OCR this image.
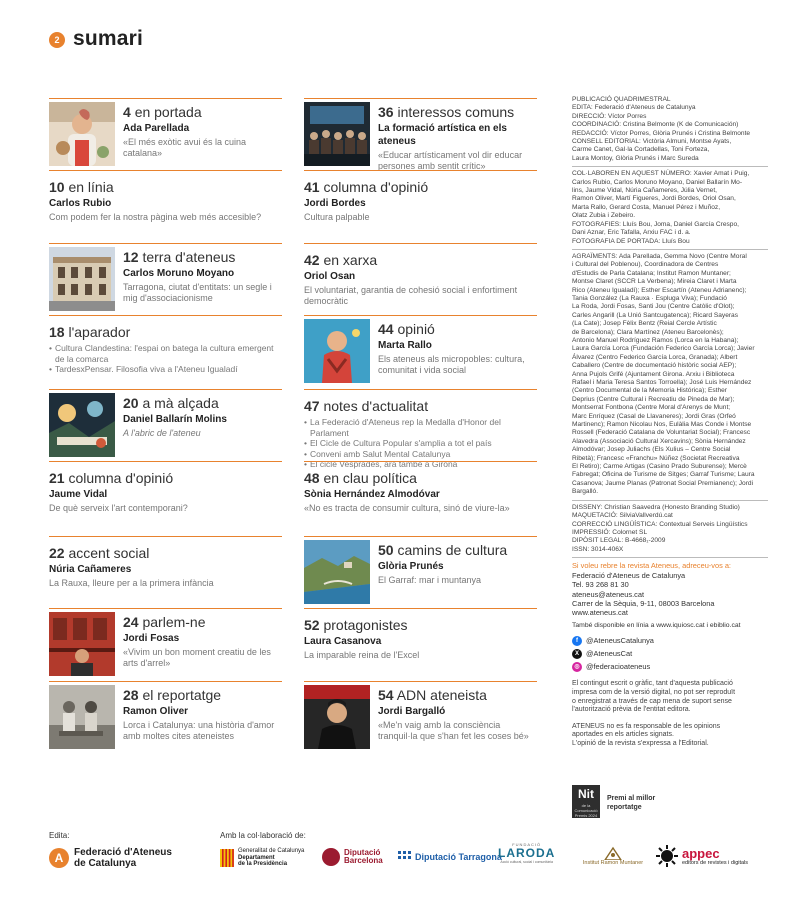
2 sumari
4 en portada
Ada Parellada
«El més exòtic avui és la cuina catalana»
10 en línia
Carlos Rubio
Com podem fer la nostra pàgina web més accesible?
12 terra d'ateneus
Carlos Moruno Moyano
Tarragona, ciutat d'entitats: un segle i mig d'associacionisme
18 l'aparador
• Cultura Clandestina: l'espai on batega la cultura emergent de la comarca
• TardesxPensar. Filosofia viva a l'Ateneu Igualadí
20 a mà alçada
Daniel Ballarín Molins
A l'abric de l'ateneu
21 columna d'opinió
Jaume Vidal
De què serveix l'art contemporani?
22 accent social
Núria Cañameres
La Rauxa, lleure per a la primera infància
24 parlem-ne
Jordi Fosas
«Vivim un bon moment creatiu de les arts d'arrel»
28 el reportatge
Ramon Oliver
Lorca i Catalunya: una història d'amor amb moltes cites ateneistes
36 interessos comuns
La formació artística en els ateneus
«Educar artísticament vol dir educar persones amb sentit crític»
41 columna d'opinió
Jordi Bordes
Cultura palpable
42 en xarxa
Oriol Osan
El voluntariat, garantia de cohesió social i enfortiment democràtic
44 opinió
Marta Rallo
Els ateneus als micropobles: cultura, comunitat i vida social
47 notes d'actualitat
• La Federació d'Ateneus rep la Medalla d'Honor del Parlament
• El Cicle de Cultura Popular s'amplia a tot el país
• Conveni amb Salut Mental Catalunya
• El cicle Vesprades, ara també a Girona
48 en clau política
Sònia Hernández Almodóvar
«No es tracta de consumir cultura, sinó de viure-la»
50 camins de cultura
Glòria Prunés
El Garraf: mar i muntanya
52 protagonistes
Laura Casanova
La imparable reina de l'Excel
54 ADN ateneista
Jordi Bargalló
«Me'n vaig amb la consciència tranquil·la que s'han fet les coses bé»

PUBLICACIÓ QUADRIMESTRAL
EDITA: Federació d'Ateneus de Catalunya
DIRECCIÓ: Víctor Porres
COORDINACIÓ: Cristina Belmonte (K de Comunicación)
REDACCIÓ: Víctor Porres, Glòria Prunés i Cristina Belmonte
CONSELL EDITORIAL: Victòria Almuni, Montse Ayats,
Carme Canet, Gal·la Cortadellas, Toni Forteza,
Laura Montoy, Glòria Prunés i Marc Sureda

COL·LABOREN EN AQUEST NÚMERO: Xavier Amat i Puig,
Carlos Rubio, Carlos Moruno Moyano, Daniel Ballarín Mo-
lins, Jaume Vidal, Núria Cañameres, Júlia Vernet,
Ramon Oliver, Martí Figueres, Jordi Bordes, Oriol Osan,
Marta Rallo, Gerard Costa, Manuel Pérez i Muñoz,
Olatz Zubia i Zebeiro.
FOTOGRAFIES: Lluís Bou, Joma, Daniel García Crespo,
Dani Aznar, Eric Tafalla, Arxiu FAC i d. a.
FOTOGRAFIA DE PORTADA: Lluís Bou

AGRAÏMENTS: Ada Parellada, Gemma Novo (Centre Moral
i Cultural del Poblenou), Coordinadora de Centres
d'Estudis de Parla Catalana; Institut Ramon Muntaner;
Montse Claret (SCCR La Verbena); Mireia Claret i Marta
Rico (Ateneu Igualadí); Esther Escartín (Ateneu Adrianenc);
Tania González (La Rauxa · Espluga Viva); Fundació
La Roda, Jordi Fosas, Santi Jou (Centre Catòlic d'Olot);
Carles Angarill (La Unió Santcugatenca); Ricard Sayeras
(La Cate); Josep Fèlix Bentz (Reial Cercle Artístic
de Barcelona); Clara Martínez (Ateneu Barcelonès);
Antonio Manuel Rodríguez Ramos (Lorca en la Habana);
Laura García Lorca (Fundación Federico García Lorca); Javier
Álvarez (Centro Federico García Lorca, Granada); Albert
Caballero (Centre de documentació històric social AEP);
Anna Pujols Grifé (Ajuntament Girona. Arxiu i Biblioteca
Rafael i Maria Teresa Santos Torroella); José Luis Hernández
(Centro Documental de la Memoria Histórica); Esther
Deprius (Centre Cultural i Recreatiu de Pineda de Mar);
Montserrat Fontbona (Centre Moral d'Arenys de Munt;
Marc Enríquez (Casal de Llavaneres); Jordi Gras (Orfeó
Martinenc); Ramon Nicolau Nos, Eulàlia Mas Conde i Montse
Rossell (Federació Catalana de Voluntariat Social); Francesc
Alavedra (Associació Cultural Xercavins); Sònia Hernández
Almodóvar; Josep Juliachs (Els Xulius – Centre Social
Ribetà); Francesc «Franchu» Núñez (Societat Recreativa
El Retiro); Carme Artigas (Casino Prado Suburense); Mercè
Fabregat; Oficina de Turisme de Sitges; Garraf Turisme; Laura
Casanova; Jaume Planas (Patronat Social Premianenc); Jordi
Bargalló.

DISSENY: Christian Saavedra (Honesto Branding Studio)
MAQUETACIÓ: SilviaVallverdú.cat
CORRECCIÓ LINGÜÍSTICA: Contextual Serveis Lingüístics
IMPRESSIÓ: Colornet SL
DIPÒSIT LEGAL: B-4668₁-2009
ISSN: 3014-406X

Si voleu rebre la revista Ateneus, adreceu-vos a:

Federació d'Ateneus de Catalunya

Tel. 93 268 81 30

ateneus@ateneus.cat

Carrer de la Sèquia, 9-11, 08003 Barcelona

www.ateneus.cat

També disponible en línia a www.iquiosc.cat i ebiblio.cat

f	@AteneusCatalunya
X @AteneusCat
◎ @federacioateneus

El contingut escrit o gràfic, tant d'aquesta publicació
impresa com de la versió digital, no pot ser reproduït
o enregistrat a través de cap mena de suport sense
l'autorització prèvia de l'entitat editora.

ATENEUS no es fa responsable de les opinions
aportades en els articles signats.
L'opinió de la revista s'expressa a l'Editorial.

Nit
de la Comunicació Premis 2024
Premi al millor
reportatge
Edita:	Amb la col·laboració de:
A	Federació d'Ateneus
de Catalunya
Generalitat de Catalunya
Departament
de la Presidència
Diputació
Barcelona	Diputació Tarragona
FUNDACIÓ
LARODA
Acció cultural, social i comunitària	Institut Ramon Muntaner
appec
editors de revistes i digitals
